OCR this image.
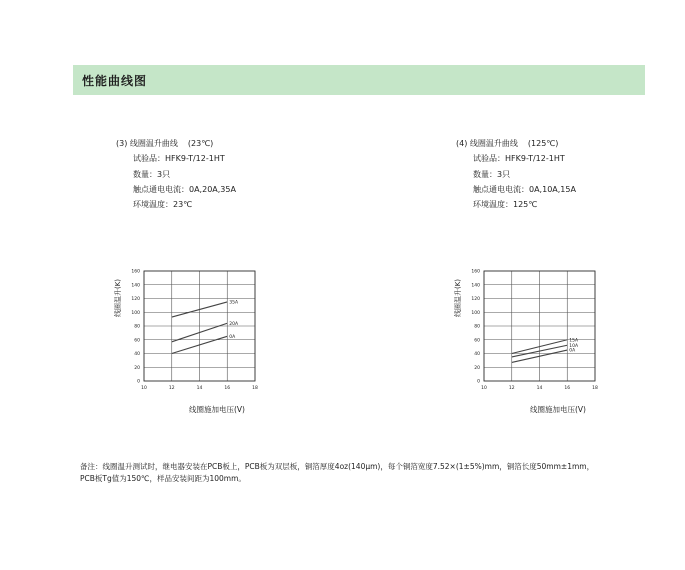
性能曲线图
(3) 线圈温升曲线 (23℃)
试验品：HFK9-T/12-1HT
数量：3只
触点通电电流：0A,20A,35A
环境温度：23℃
(4) 线圈温升曲线 (125℃)
试验品：HFK9-T/12-1HT
数量：3只
触点通电电流：0A,10A,15A
环境温度：125℃
0
20
40
60
80
100
120
140
160
10	12	14	16	18
35A
20A
0A
线圈温升(K)
线圈施加电压(V)
0
20
40
60
80
100
120
140
160
10	12	14	16	18
15A
10A
0A
线圈温升(K)
线圈施加电压(V)
备注：线圈温升测试时，继电器安装在PCB板上，PCB板为双层板，铜箔厚度4oz(140μm)，每个铜箔宽度7.52×(1±5%)mm，铜箔长度50mm±1mm，
PCB板Tg值为150℃，样品安装间距为100mm。
